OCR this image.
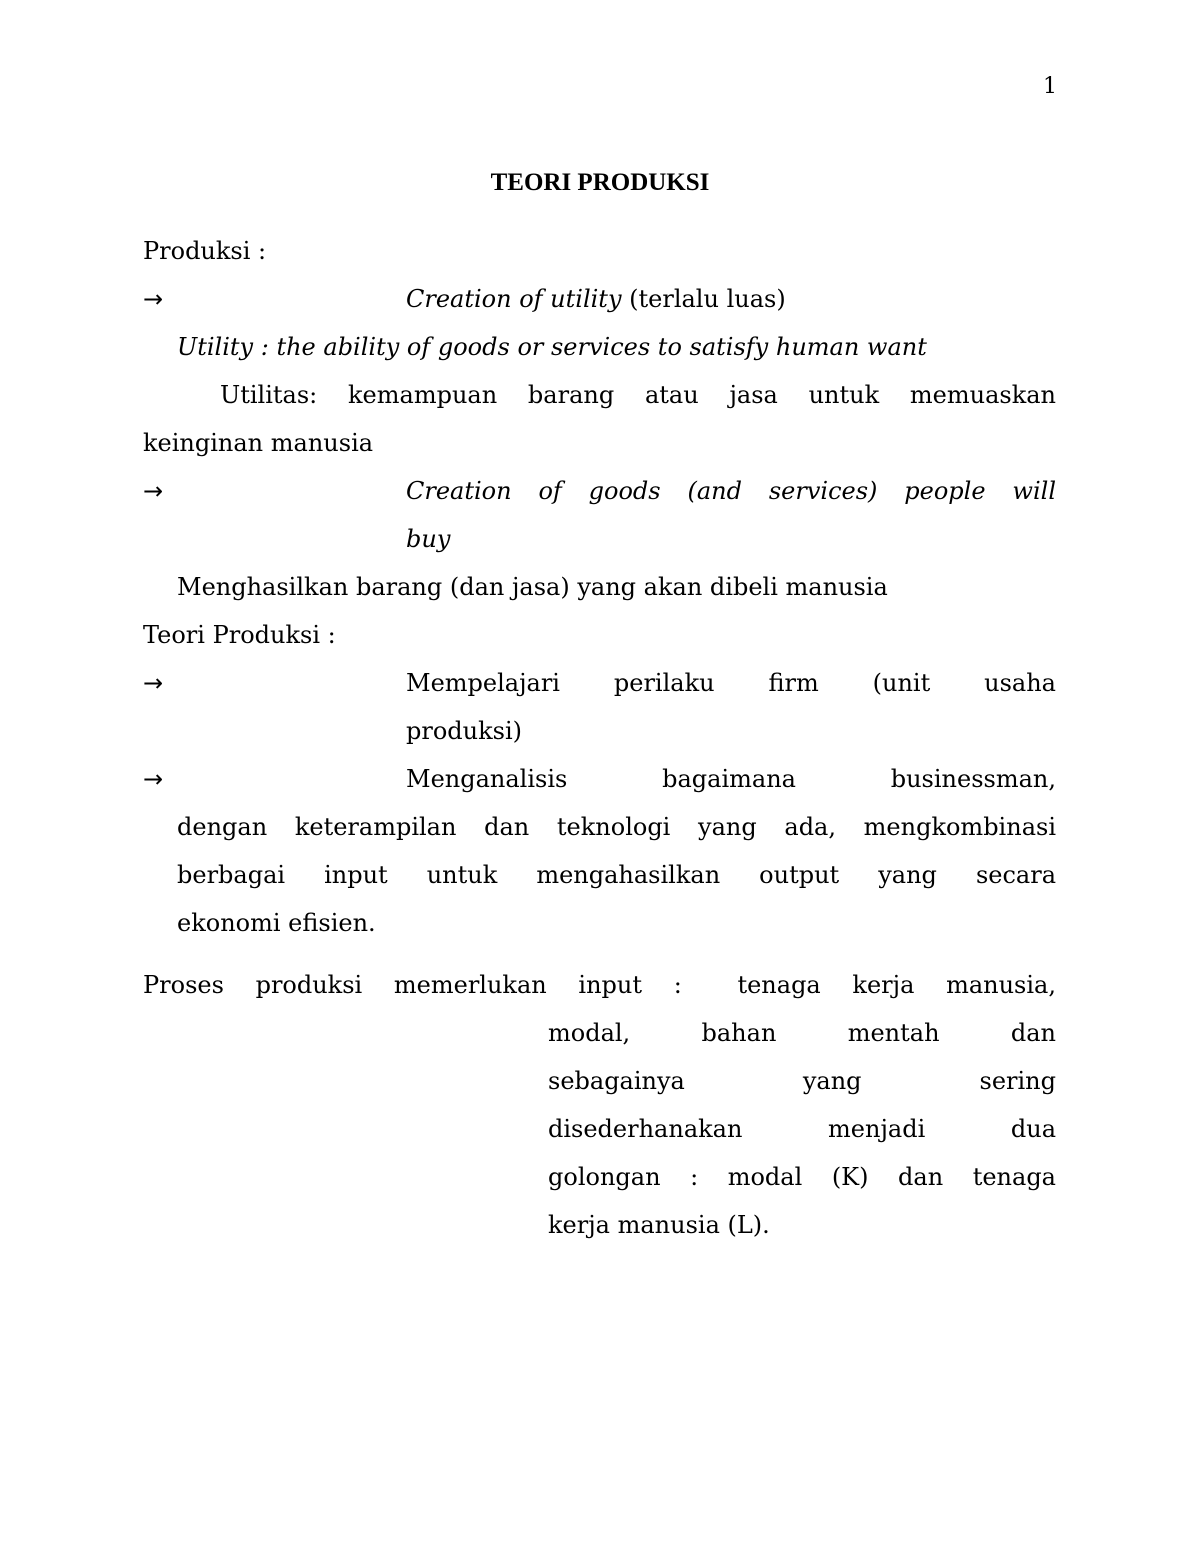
1
TEORI PRODUKSI
Produksi :
→	Creation of utility (terlalu luas)
Utility : the ability of goods or services to satisfy human want
Utilitas: kemampuan barang atau jasa untuk memuaskan
keinginan manusia
→	Creation of goods (and services) people will
buy
Menghasilkan barang (dan jasa) yang akan dibeli manusia
Teori Produksi :
→	Mempelajari perilaku firm (unit usaha
produksi)
→	Menganalisis bagaimana businessman,
dengan keterampilan dan teknologi yang ada, mengkombinasi
berbagai input untuk mengahasilkan output yang secara
ekonomi efisien.
Proses produksi memerlukan input : tenaga kerja manusia,
modal, bahan mentah dan
sebagainya yang sering
disederhanakan menjadi dua
golongan : modal (K) dan tenaga
kerja manusia (L).
